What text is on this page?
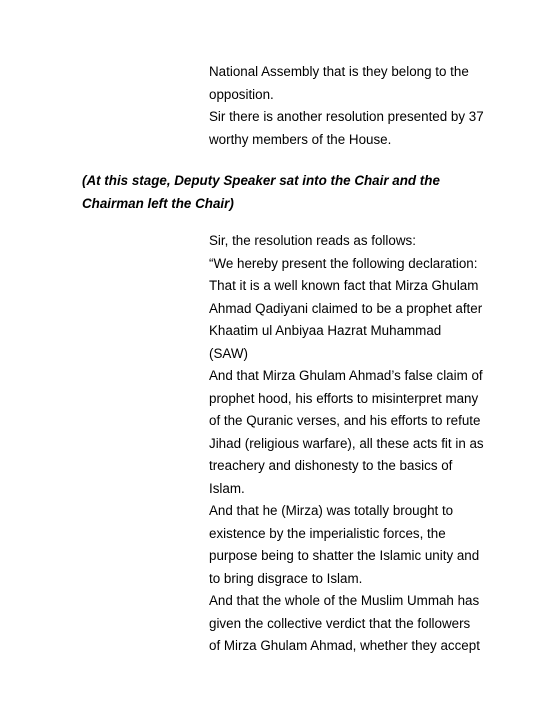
National Assembly that is they belong to the
opposition.
Sir there is another resolution presented by 37
worthy members of the House.
(At this stage, Deputy Speaker sat into the Chair and the
Chairman left the Chair)
Sir, the resolution reads as follows:
“We hereby present the following declaration:
That it is a well known fact that Mirza Ghulam
Ahmad Qadiyani claimed to be a prophet after
Khaatim ul Anbiyaa Hazrat Muhammad
(SAW)
And that Mirza Ghulam Ahmad’s false claim of
prophet hood, his efforts to misinterpret many
of the Quranic verses, and his efforts to refute
Jihad (religious warfare), all these acts fit in as
treachery and dishonesty to the basics of
Islam.
And that he (Mirza) was totally brought to
existence by the imperialistic forces, the
purpose being to shatter the Islamic unity and
to bring disgrace to Islam.
And that the whole of the Muslim Ummah has
given the collective verdict that the followers
of Mirza Ghulam Ahmad, whether they accept
